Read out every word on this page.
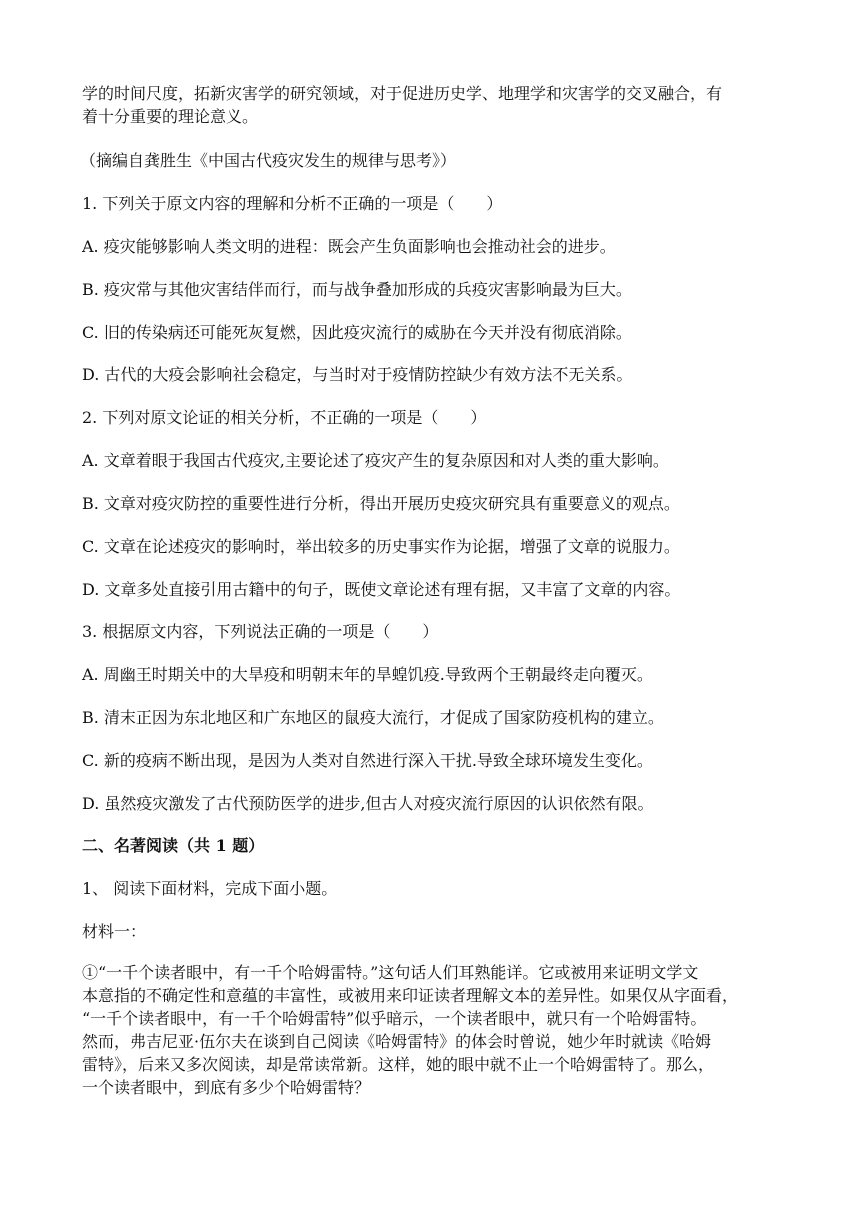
学的时间尺度，拓新灾害学的研究领域，对于促进历史学、地理学和灾害学的交叉融合，有
着十分重要的理论意义。
（摘编自龚胜生《中国古代疫灾发生的规律与思考》）
1. 下列关于原文内容的理解和分析不正确的一项是（　　）
A. 疫灾能够影响人类文明的进程：既会产生负面影响也会推动社会的进步。
B. 疫灾常与其他灾害结伴而行，而与战争叠加形成的兵疫灾害影响最为巨大。
C. 旧的传染病还可能死灰复燃，因此疫灾流行的威胁在今天并没有彻底消除。
D. 古代的大疫会影响社会稳定，与当时对于疫情防控缺少有效方法不无关系。
2. 下列对原文论证的相关分析，不正确的一项是（　　）
A. 文章着眼于我国古代疫灾,主要论述了疫灾产生的复杂原因和对人类的重大影响。
B. 文章对疫灾防控的重要性进行分析，得出开展历史疫灾研究具有重要意义的观点。
C. 文章在论述疫灾的影响时，举出较多的历史事实作为论据，增强了文章的说服力。
D. 文章多处直接引用古籍中的句子，既使文章论述有理有据，又丰富了文章的内容。
3. 根据原文内容，下列说法正确的一项是（　　）
A. 周幽王时期关中的大旱疫和明朝末年的旱蝗饥疫.导致两个王朝最终走向覆灭。
B. 清末正因为东北地区和广东地区的鼠疫大流行，才促成了国家防疫机构的建立。
C. 新的疫病不断出现，是因为人类对自然进行深入干扰.导致全球环境发生变化。
D. 虽然疫灾激发了古代预防医学的进步,但古人对疫灾流行原因的认识依然有限。
二、名著阅读（共 1 题）
1、 阅读下面材料，完成下面小题。
材料一：
①“一千个读者眼中，有一千个哈姆雷特。”这句话人们耳熟能详。它或被用来证明文学文
本意指的不确定性和意蕴的丰富性，或被用来印证读者理解文本的差异性。如果仅从字面看，
“一千个读者眼中，有一千个哈姆雷特”似乎暗示，一个读者眼中，就只有一个哈姆雷特。
然而，弗吉尼亚·伍尔夫在谈到自己阅读《哈姆雷特》的体会时曾说，她少年时就读《哈姆
雷特》，后来又多次阅读，却是常读常新。这样，她的眼中就不止一个哈姆雷特了。那么，
一个读者眼中，到底有多少个哈姆雷特？
